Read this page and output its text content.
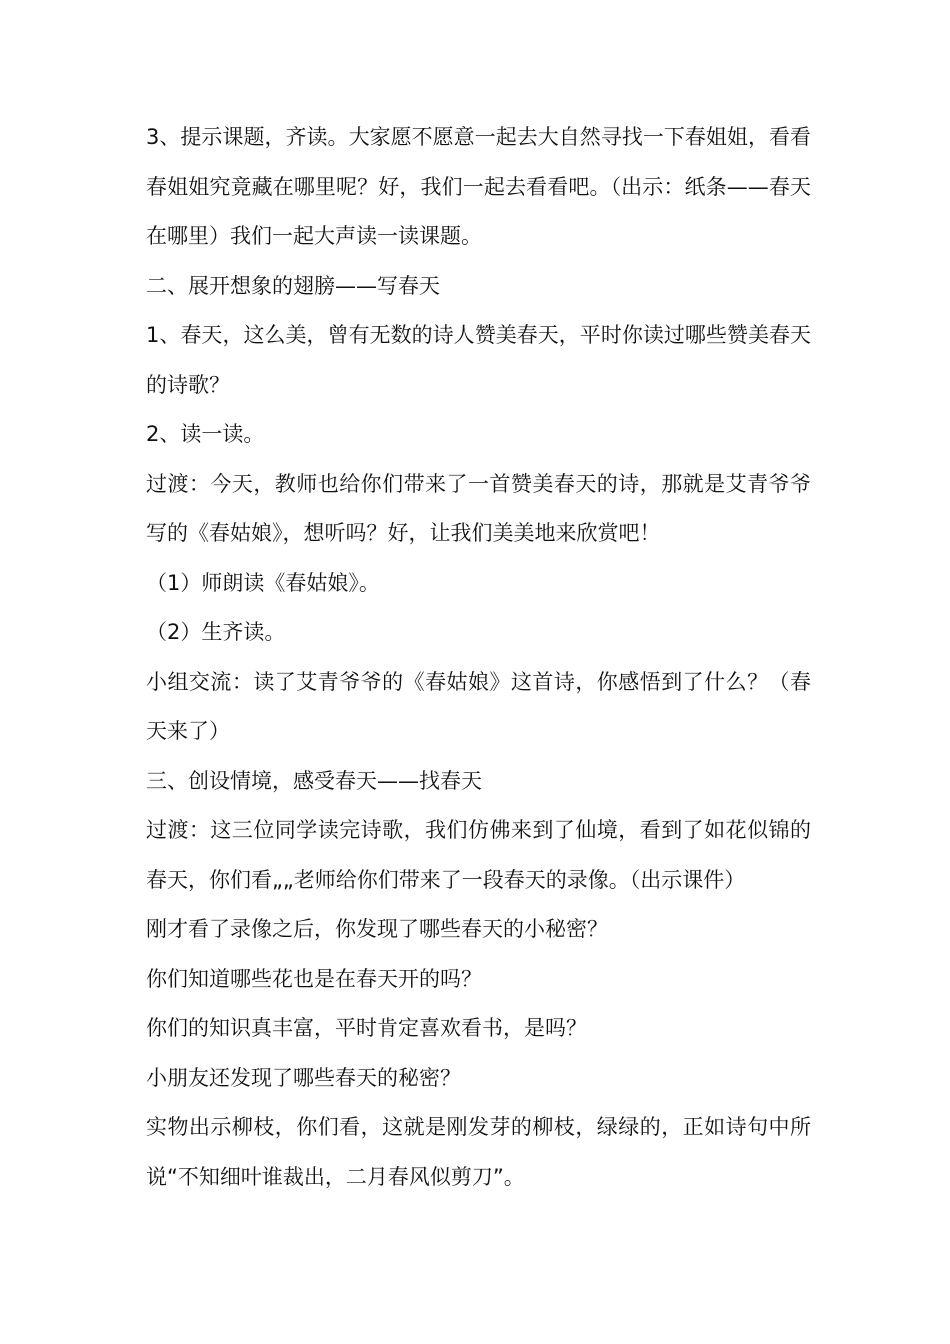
3、提示课题，齐读。大家愿不愿意一起去大自然寻找一下春姐姐，看看春姐姐究竟藏在哪里呢？好，我们一起去看看吧。（出示：纸条——春天在哪里）我们一起大声读一读课题。

二、展开想象的翅膀——写春天

1、春天，这么美，曾有无数的诗人赞美春天，平时你读过哪些赞美春天的诗歌？

2、读一读。

过渡：今天，教师也给你们带来了一首赞美春天的诗，那就是艾青爷爷写的《春姑娘》，想听吗？好，让我们美美地来欣赏吧！

（1）师朗读《春姑娘》。

（2）生齐读。

小组交流：读了艾青爷爷的《春姑娘》这首诗，你感悟到了什么？（春天来了）

三、创设情境，感受春天——找春天

过渡：这三位同学读完诗歌，我们仿佛来到了仙境，看到了如花似锦的春天，你们看„„老师给你们带来了一段春天的录像。（出示课件）

刚才看了录像之后，你发现了哪些春天的小秘密？

你们知道哪些花也是在春天开的吗？

你们的知识真丰富，平时肯定喜欢看书，是吗？

小朋友还发现了哪些春天的秘密？

实物出示柳枝，你们看，这就是刚发芽的柳枝，绿绿的，正如诗句中所说“不知细叶谁裁出，二月春风似剪刀”。
